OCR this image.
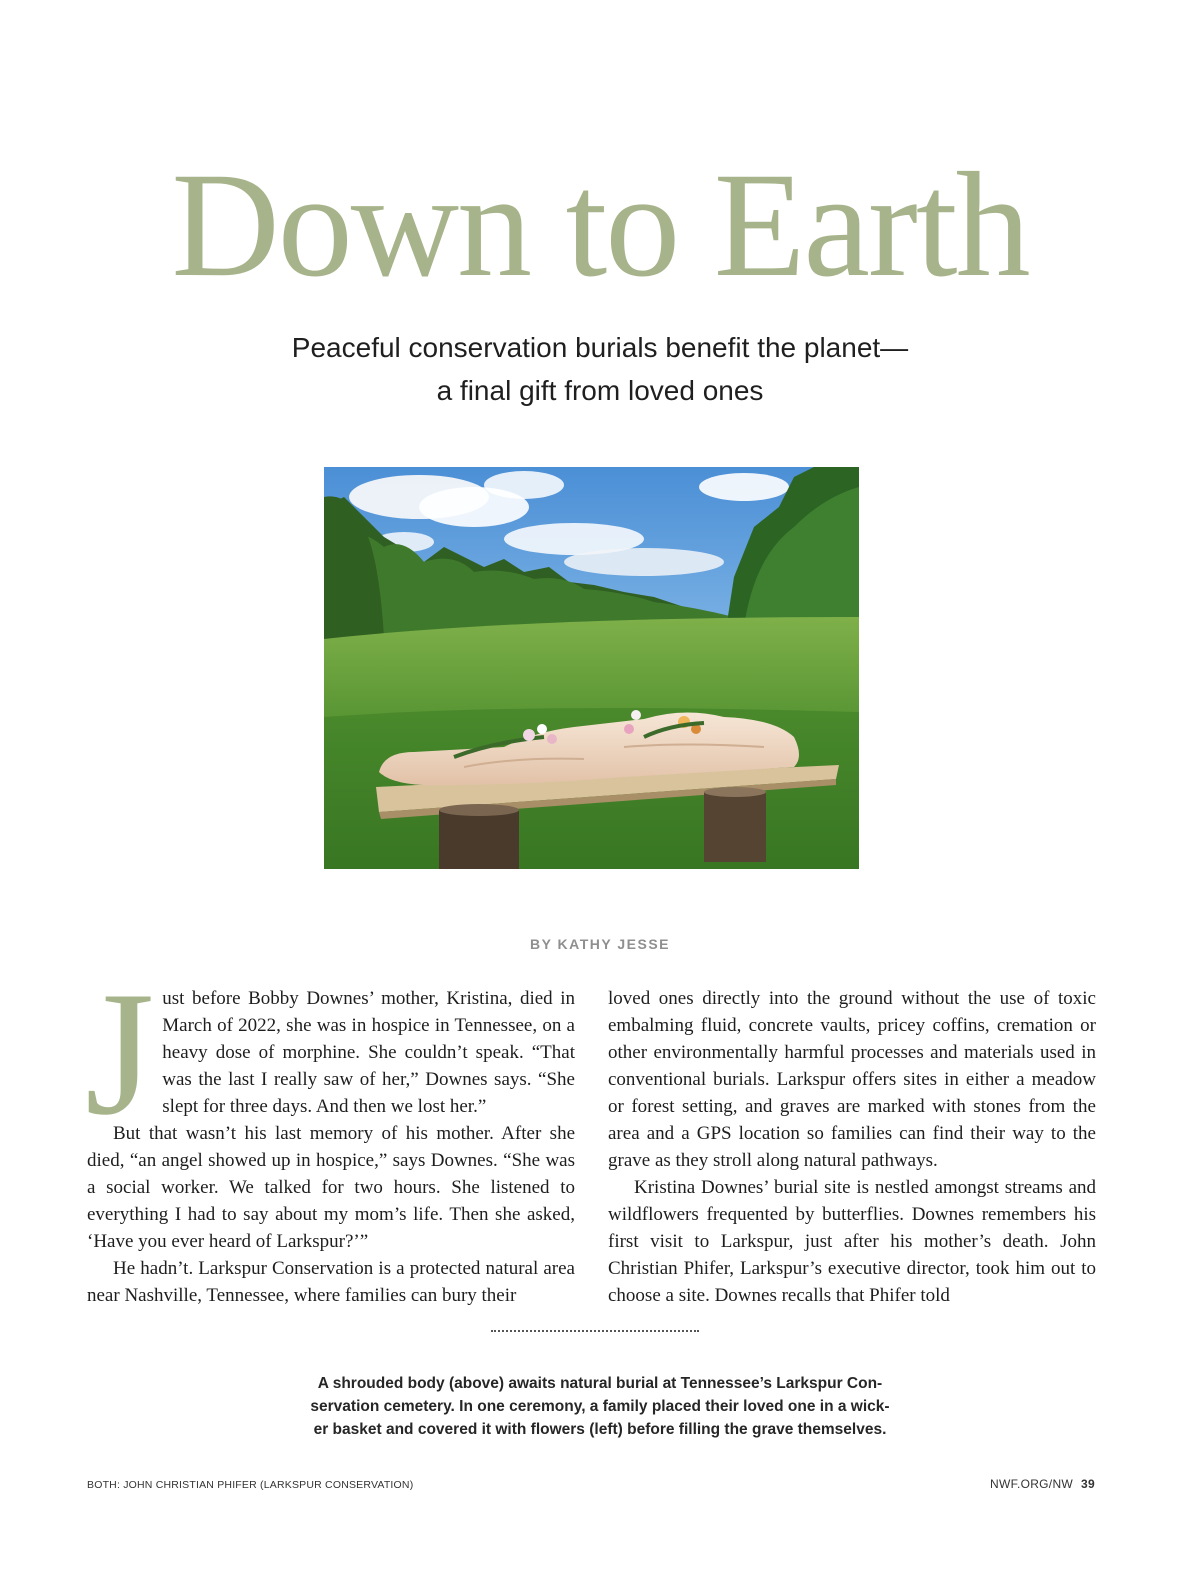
Down to Earth
Peaceful conservation burials benefit the planet—
a final gift from loved ones
BY KATHY JESSE

Just before Bobby Downes’ mother, Kristina, died in March of 2022, she was in hospice in Tennessee, on a heavy dose of morphine. She couldn’t speak. “That was the last I really saw of her,” Downes says. “She slept for three days. And then we lost her.”

But that wasn’t his last memory of his mother. After she died, “an angel showed up in hospice,” says Downes. “She was a social worker. We talked for two hours. She listened to everything I had to say about my mom’s life. Then she asked, ‘Have you ever heard of Larkspur?’”

He hadn’t. Larkspur Conservation is a protected natural area near Nashville, Tennessee, where families can bury their

loved ones directly into the ground without the use of toxic embalming fluid, concrete vaults, pricey coffins, cremation or other environmentally harmful processes and materials used in conventional burials. Larkspur offers sites in either a meadow or forest setting, and graves are marked with stones from the area and a GPS location so families can find their way to the grave as they stroll along natural pathways.

Kristina Downes’ burial site is nestled amongst streams and wildflowers frequented by butterflies. Downes remembers his first visit to Larkspur, just after his mother’s death. John Christian Phifer, Larkspur’s executive director, took him out to choose a site. Downes recalls that Phifer told

A shrouded body (above) awaits natural burial at Tennessee’s Larkspur Con-
servation cemetery. In one ceremony, a family placed their loved one in a wick-
er basket and covered it with flowers (left) before filling the grave themselves.
BOTH: JOHN CHRISTIAN PHIFER (LARKSPUR CONSERVATION)	NWF.ORG/NW 39
